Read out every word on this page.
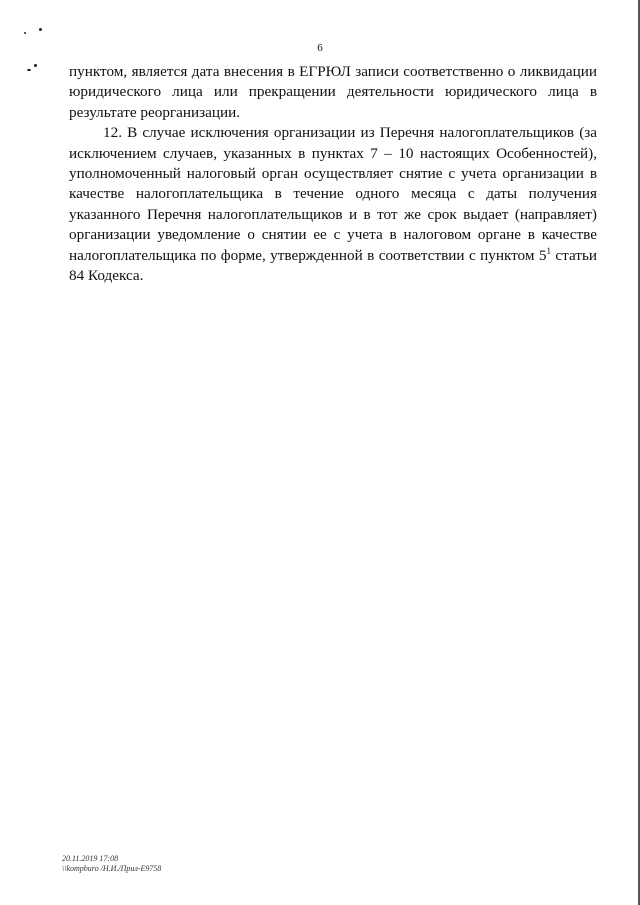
6

пунктом, является дата внесения в ЕГРЮЛ записи соответственно о ликвидации юридического лица или прекращении деятельности юридического лица в результате реорганизации.

12. В случае исключения организации из Перечня налогоплательщиков (за исключением случаев, указанных в пунктах 7 – 10 настоящих Особенностей), уполномоченный налоговый орган осуществляет снятие с учета организации в качестве налогоплательщика в течение одного месяца с даты получения указанного Перечня налогоплательщиков и в тот же срок выдает (направляет) организации уведомление о снятии ее с учета в налоговом органе в качестве налогоплательщика по форме, утвержденной в соответствии с пунктом $5^1$ статьи 84 Кодекса.

20.11.2019 17:08
\\kompburo /Н.И./Прил-Е9758
